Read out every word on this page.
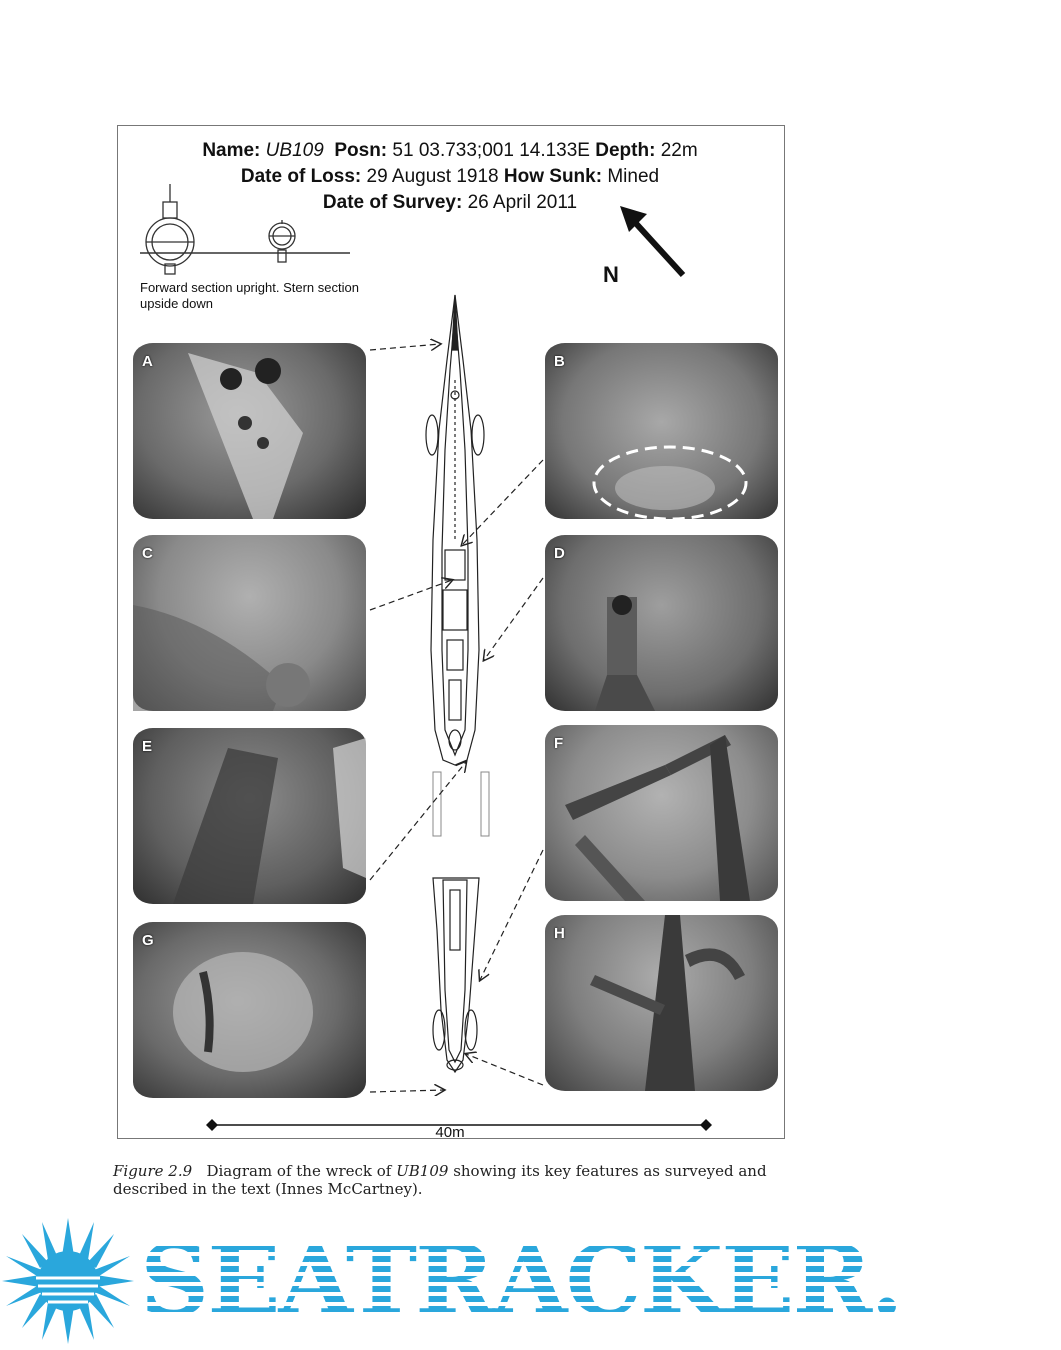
Name: UB109 Posn: 51 03.733;001 14.133E Depth: 22m
Date of Loss: 29 August 1918 How Sunk: Mined
Date of Survey: 26 April 2011
Forward section upright. Stern section upside down
N
A	B
C	D
E	F
G	H
40m
Figure 2.9 Diagram of the wreck of UB109 showing its key features as surveyed and described in the text (Innes McCartney).
SEATRACKER.RU
